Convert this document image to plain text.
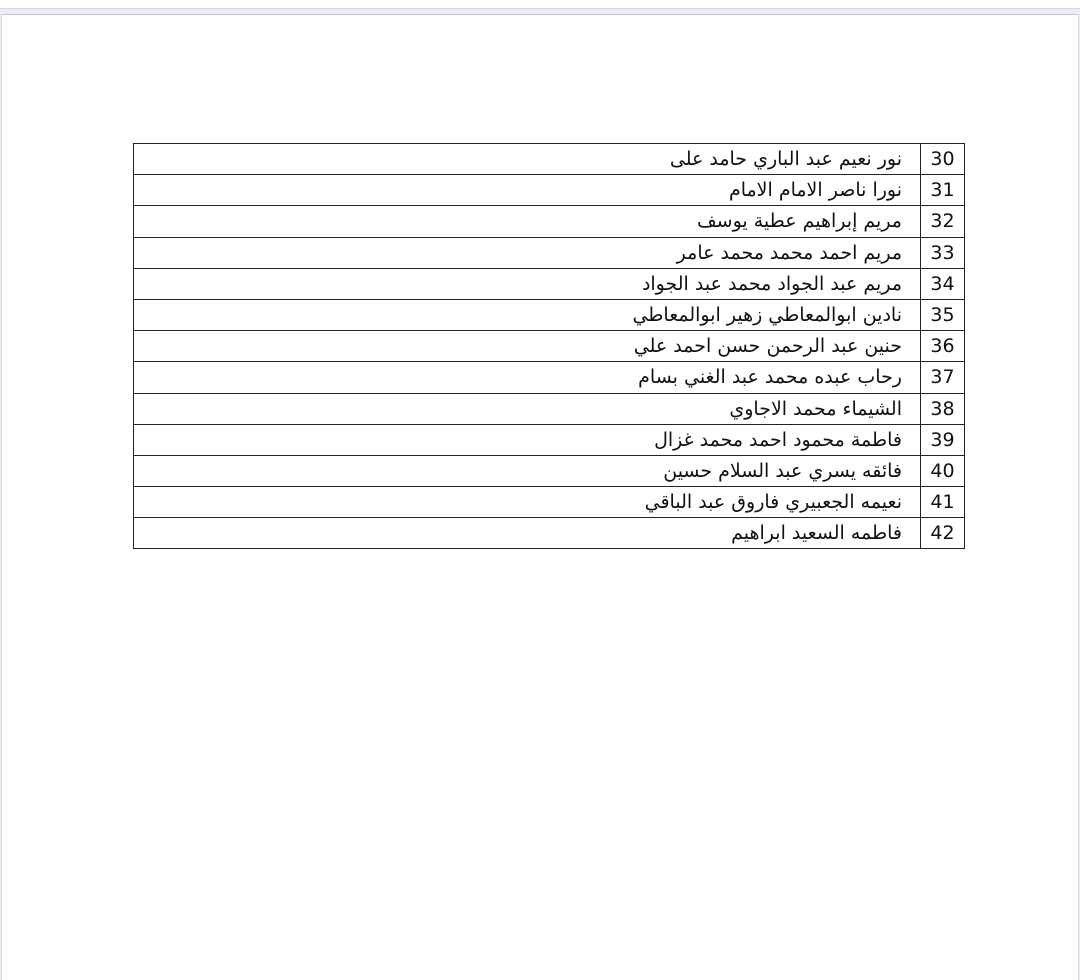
30	نور نعيم عبد الباري حامد على
31	نورا ناصر الامام الامام
32	مريم إبراهيم عطية يوسف
33	مريم احمد محمد محمد عامر
34	مريم عبد الجواد محمد عبد الجواد
35	نادين ابوالمعاطي زهير ابوالمعاطي
36	حنين عبد الرحمن حسن احمد علي
37	رحاب عبده محمد عبد الغني بسام
38	الشيماء محمد الاجاوي
39	فاطمة محمود احمد محمد غزال
40	فائقه يسري عبد السلام حسين
41	نعيمه الجعبيري فاروق عبد الباقي
42	فاطمه السعيد ابراهيم
